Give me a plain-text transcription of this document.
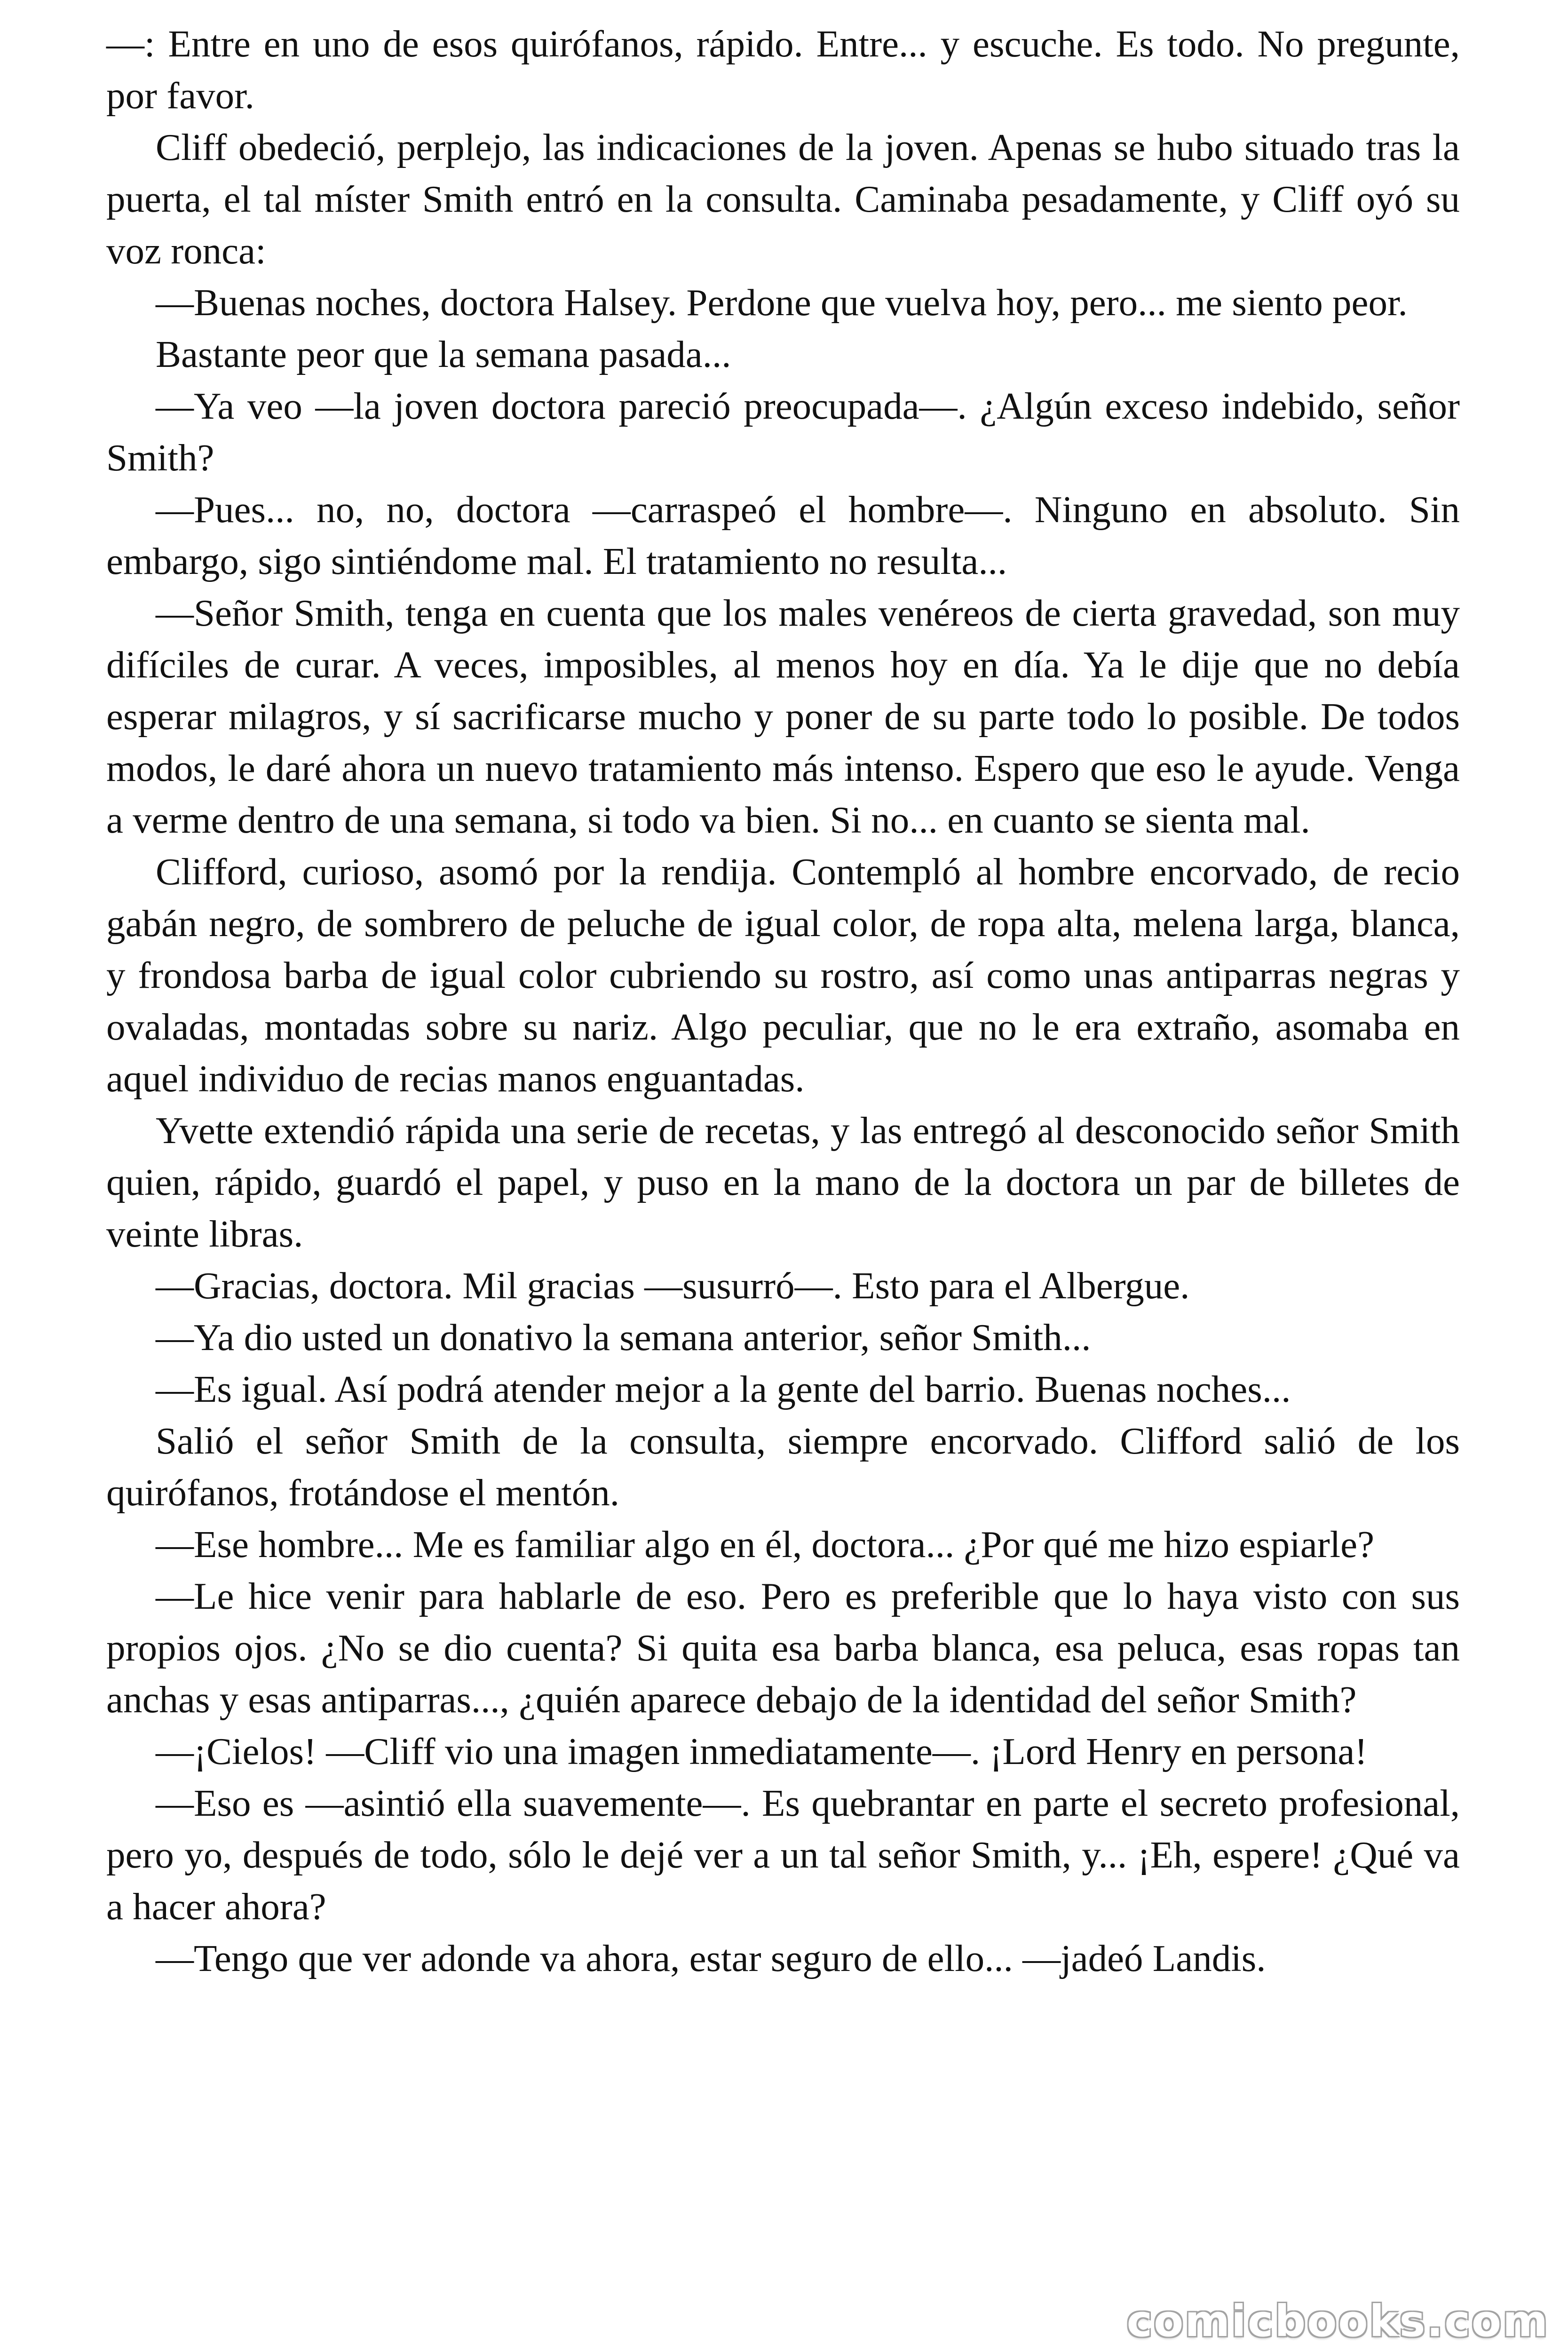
—: Entre en uno de esos quirófanos, rápido. Entre... y escuche. Es todo. No pregunte, por favor.

Cliff obedeció, perplejo, las indicaciones de la joven. Apenas se hubo situado tras la puerta, el tal míster Smith entró en la consulta. Caminaba pesadamente, y Cliff oyó su voz ronca:

—Buenas noches, doctora Halsey. Perdone que vuelva hoy, pero... me siento peor.

Bastante peor que la semana pasada...

—Ya veo —la joven doctora pareció preocupada—. ¿Algún exceso indebido, señor Smith?

—Pues... no, no, doctora —carraspeó el hombre—. Ninguno en absoluto. Sin embargo, sigo sintiéndome mal. El tratamiento no resulta...

—Señor Smith, tenga en cuenta que los males venéreos de cierta gravedad, son muy difíciles de curar. A veces, imposibles, al menos hoy en día. Ya le dije que no debía esperar milagros, y sí sacrificarse mucho y poner de su parte todo lo posible. De todos modos, le daré ahora un nuevo tratamiento más intenso. Espero que eso le ayude. Venga a verme dentro de una semana, si todo va bien. Si no... en cuanto se sienta mal.

Clifford, curioso, asomó por la rendija. Contempló al hombre encorvado, de recio gabán negro, de sombrero de peluche de igual color, de ropa alta, melena larga, blanca, y frondosa barba de igual color cubriendo su rostro, así como unas antiparras negras y ovaladas, montadas sobre su nariz. Algo peculiar, que no le era extraño, asomaba en aquel individuo de recias manos enguantadas.

Yvette extendió rápida una serie de recetas, y las entregó al desconocido señor Smith quien, rápido, guardó el papel, y puso en la mano de la doctora un par de billetes de veinte libras.

—Gracias, doctora. Mil gracias —susurró—. Esto para el Albergue.

—Ya dio usted un donativo la semana anterior, señor Smith...

—Es igual. Así podrá atender mejor a la gente del barrio. Buenas noches...

Salió el señor Smith de la consulta, siempre encorvado. Clifford salió de los quirófanos, frotándose el mentón.

—Ese hombre... Me es familiar algo en él, doctora... ¿Por qué me hizo espiarle?

—Le hice venir para hablarle de eso. Pero es preferible que lo haya visto con sus propios ojos. ¿No se dio cuenta? Si quita esa barba blanca, esa peluca, esas ropas tan anchas y esas antiparras..., ¿quién aparece debajo de la identidad del señor Smith?

—¡Cielos! —Cliff vio una imagen inmediatamente—. ¡Lord Henry en persona!

—Eso es —asintió ella suavemente—. Es quebrantar en parte el secreto profesional, pero yo, después de todo, sólo le dejé ver a un tal señor Smith, y... ¡Eh, espere! ¿Qué va a hacer ahora?

—Tengo que ver adonde va ahora, estar seguro de ello... —jadeó Landis.

comicbooks.com
